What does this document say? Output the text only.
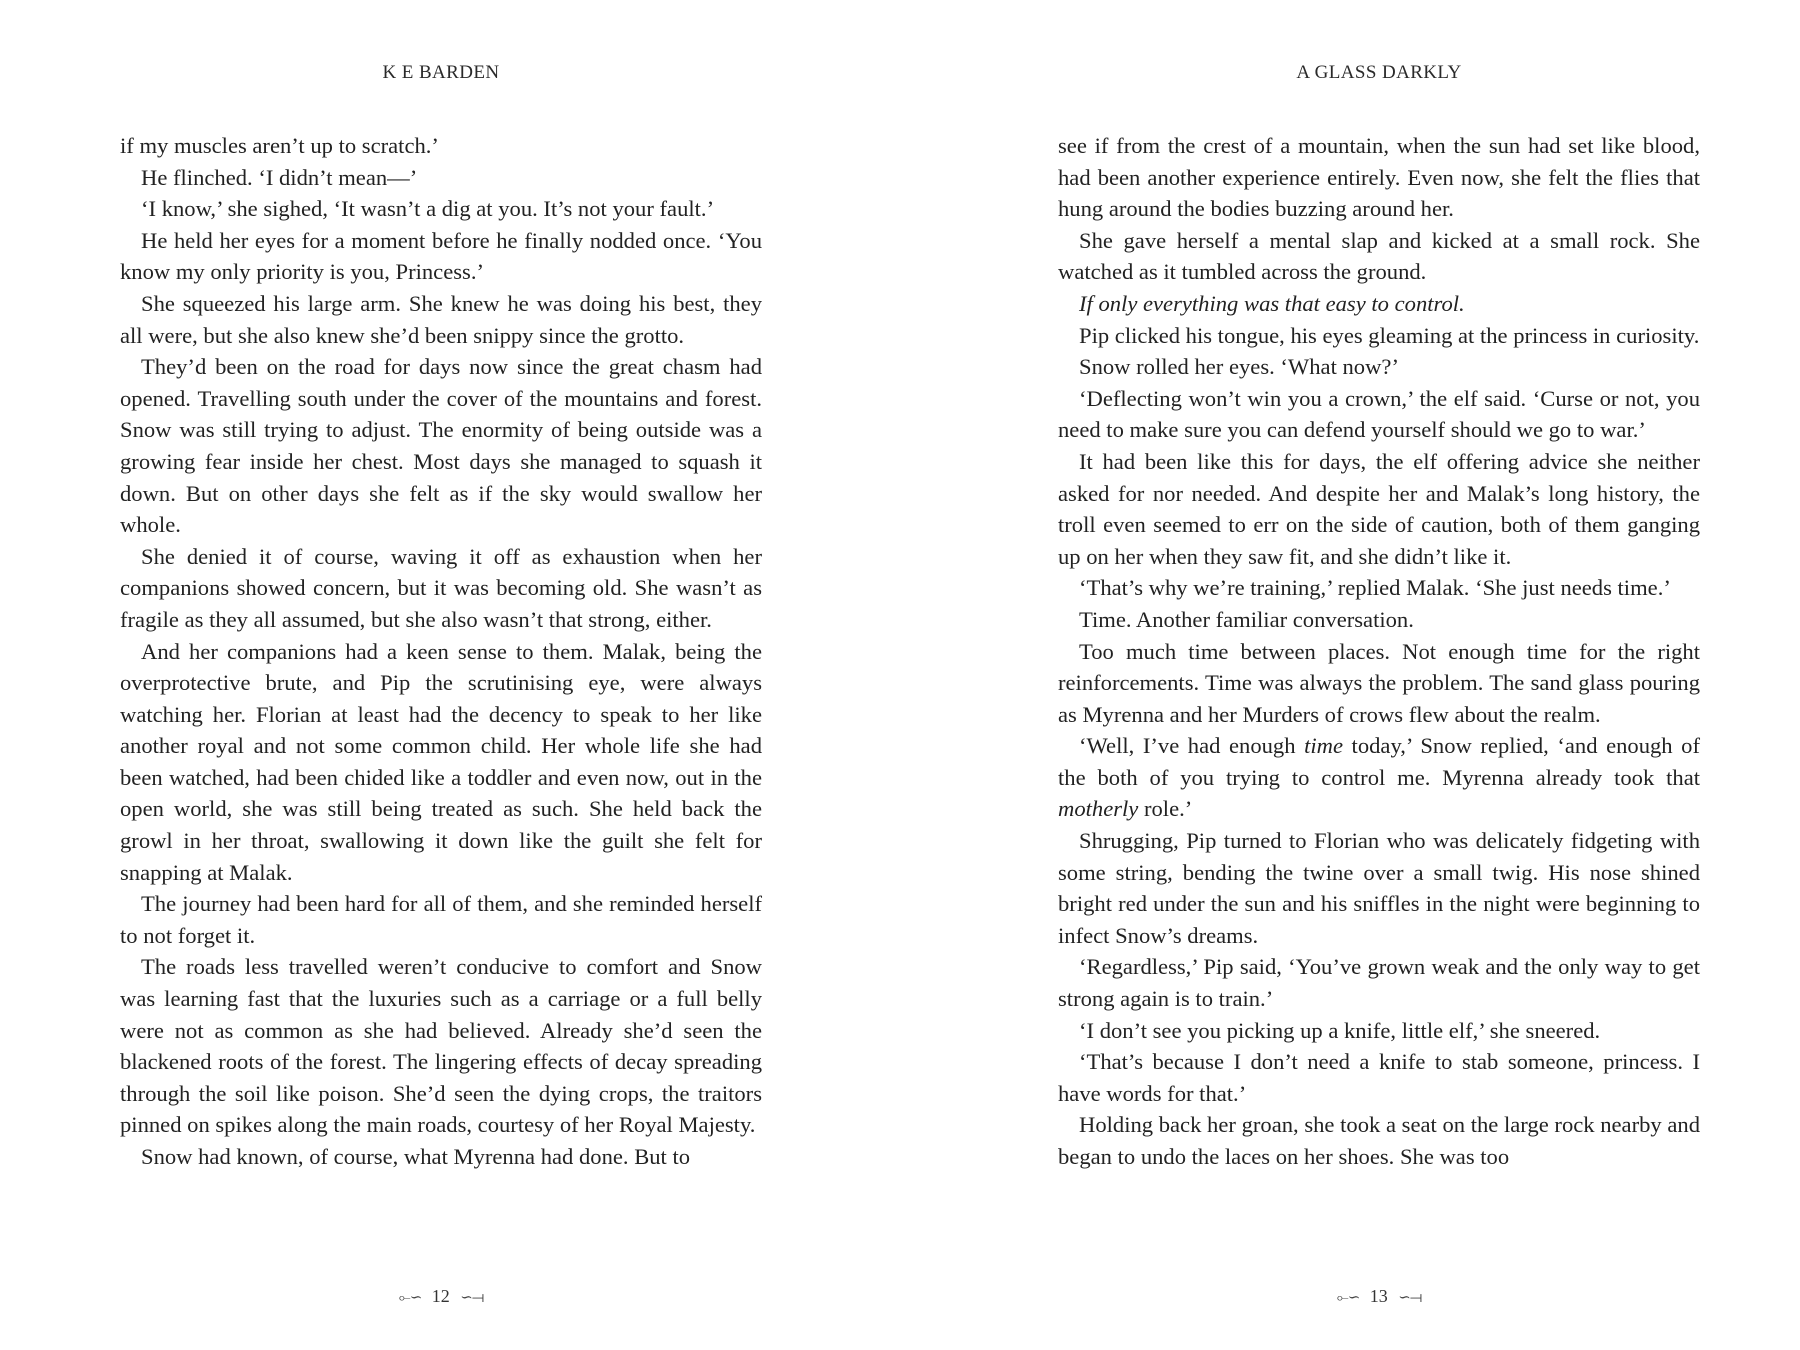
K E BARDEN

if my muscles aren’t up to scratch.’

He flinched. ‘I didn’t mean—’

‘I know,’ she sighed, ‘It wasn’t a dig at you. It’s not your fault.’

He held her eyes for a moment before he finally nodded once. ‘You know my only priority is you, Princess.’

She squeezed his large arm. She knew he was doing his best, they all were, but she also knew she’d been snippy since the grotto.

They’d been on the road for days now since the great chasm had opened. Travelling south under the cover of the mountains and forest. Snow was still trying to adjust. The enormity of being outside was a growing fear inside her chest. Most days she managed to squash it down. But on other days she felt as if the sky would swallow her whole.

She denied it of course, waving it off as exhaustion when her companions showed concern, but it was becoming old. She wasn’t as fragile as they all assumed, but she also wasn’t that strong, either.

And her companions had a keen sense to them. Malak, being the overprotective brute, and Pip the scrutinising eye, were always watching her. Florian at least had the decency to speak to her like another royal and not some common child. Her whole life she had been watched, had been chided like a toddler and even now, out in the open world, she was still being treated as such. She held back the growl in her throat, swallowing it down like the guilt she felt for snapping at Malak.

The journey had been hard for all of them, and she reminded herself to not forget it.

The roads less travelled weren’t conducive to comfort and Snow was learning fast that the luxuries such as a carriage or a full belly were not as common as she had believed. Already she’d seen the blackened roots of the forest. The lingering effects of decay spreading through the soil like poison. She’d seen the dying crops, the traitors pinned on spikes along the main roads, courtesy of her Royal Majesty.

Snow had known, of course, what Myrenna had done. But to

⟜∽ 12 ∽⟞
A GLASS DARKLY

see if from the crest of a mountain, when the sun had set like blood, had been another experience entirely. Even now, she felt the flies that hung around the bodies buzzing around her.

She gave herself a mental slap and kicked at a small rock. She watched as it tumbled across the ground.

If only everything was that easy to control.

Pip clicked his tongue, his eyes gleaming at the princess in curiosity.

Snow rolled her eyes. ‘What now?’

‘Deflecting won’t win you a crown,’ the elf said. ‘Curse or not, you need to make sure you can defend yourself should we go to war.’

It had been like this for days, the elf offering advice she neither asked for nor needed. And despite her and Malak’s long history, the troll even seemed to err on the side of caution, both of them ganging up on her when they saw fit, and she didn’t like it.

‘That’s why we’re training,’ replied Malak. ‘She just needs time.’

Time. Another familiar conversation.

Too much time between places. Not enough time for the right reinforcements. Time was always the problem. The sand glass pouring as Myrenna and her Murders of crows flew about the realm.

‘Well, I’ve had enough time today,’ Snow replied, ‘and enough of the both of you trying to control me. Myrenna already took that motherly role.’

Shrugging, Pip turned to Florian who was delicately fidgeting with some string, bending the twine over a small twig. His nose shined bright red under the sun and his sniffles in the night were beginning to infect Snow’s dreams.

‘Regardless,’ Pip said, ‘You’ve grown weak and the only way to get strong again is to train.’

‘I don’t see you picking up a knife, little elf,’ she sneered.

‘That’s because I don’t need a knife to stab someone, princess. I have words for that.’

Holding back her groan, she took a seat on the large rock nearby and began to undo the laces on her shoes. She was too

⟜∽ 13 ∽⟞
